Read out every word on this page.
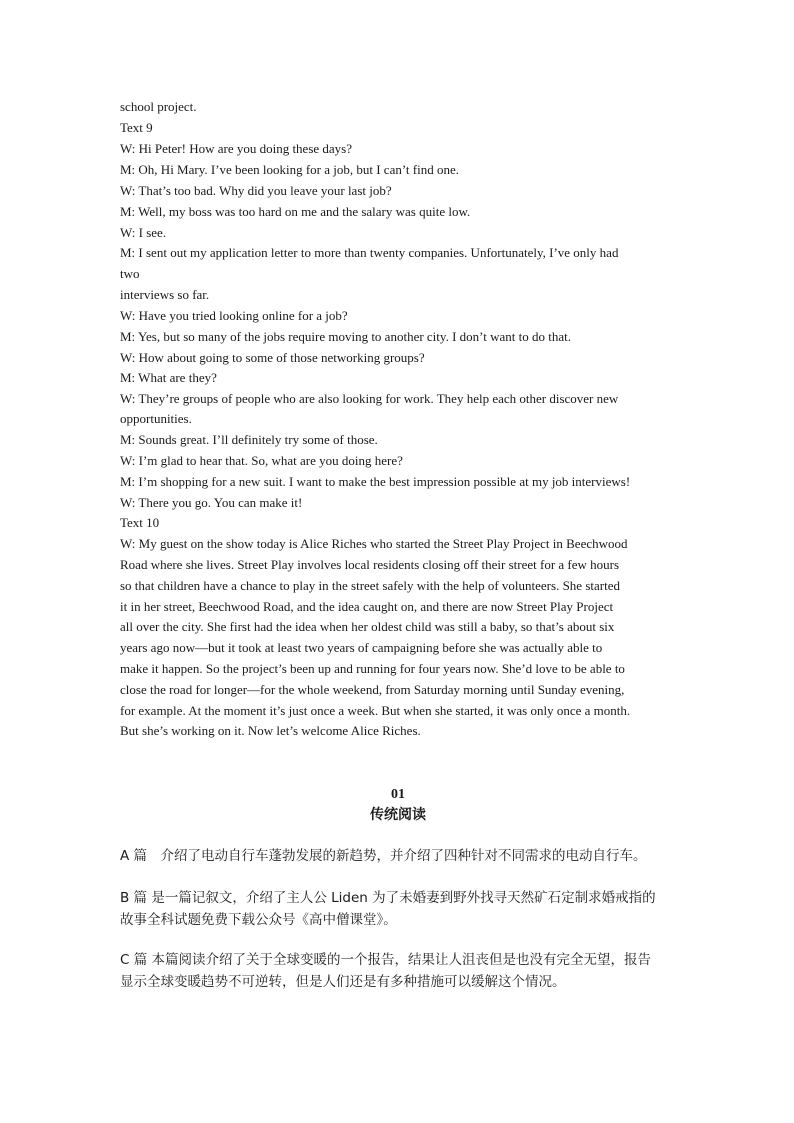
school project.
Text 9
W: Hi Peter! How are you doing these days?
M: Oh, Hi Mary. I’ve been looking for a job, but I can’t find one.
W: That’s too bad. Why did you leave your last job?
M: Well, my boss was too hard on me and the salary was quite low.
W: I see.
M: I sent out my application letter to more than twenty companies. Unfortunately, I’ve only had
two
interviews so far.
W: Have you tried looking online for a job?
M: Yes, but so many of the jobs require moving to another city. I don’t want to do that.
W: How about going to some of those networking groups?
M: What are they?
W: They’re groups of people who are also looking for work. They help each other discover new
opportunities.
M: Sounds great. I’ll definitely try some of those.
W: I’m glad to hear that. So, what are you doing here?
M: I’m shopping for a new suit. I want to make the best impression possible at my job interviews!
W: There you go. You can make it!
Text 10
W: My guest on the show today is Alice Riches who started the Street Play Project in Beechwood
Road where she lives. Street Play involves local residents closing off their street for a few hours
so that children have a chance to play in the street safely with the help of volunteers. She started
it in her street, Beechwood Road, and the idea caught on, and there are now Street Play Project
all over the city. She first had the idea when her oldest child was still a baby, so that’s about six
years ago now—but it took at least two years of campaigning before she was actually able to
make it happen. So the project’s been up and running for four years now. She’d love to be able to
close the road for longer—for the whole weekend, from Saturday morning until Sunday evening,
for example. At the moment it’s just once a week. But when she started, it was only once a month.
But she’s working on it. Now let’s welcome Alice Riches.
01
传统阅读
A 篇　介绍了电动自行车蓬勃发展的新趋势，并介绍了四种针对不同需求的电动自行车。
B 篇 是一篇记叙文，介绍了主人公 Liden 为了未婚妻到野外找寻天然矿石定制求婚戒指的
故事全科试题免费下载公众号《高中僧课堂》。
C 篇 本篇阅读介绍了关于全球变暖的一个报告，结果让人沮丧但是也没有完全无望，报告
显示全球变暖趋势不可逆转，但是人们还是有多种措施可以缓解这个情况。
